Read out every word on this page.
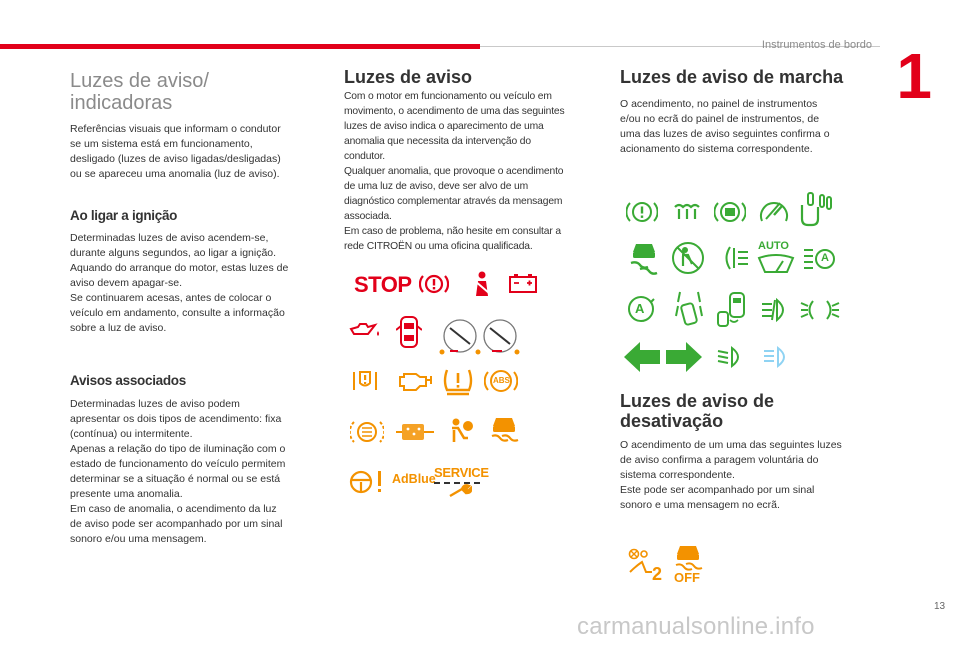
Instrumentos de bordo 1
Luzes de aviso/
indicadoras

Referências visuais que informam o condutor
se um sistema está em funcionamento,
desligado (luzes de aviso ligadas/desligadas)
ou se apareceu uma anomalia (luz de aviso).

Ao ligar a ignição

Determinadas luzes de aviso acendem-se,
durante alguns segundos, ao ligar a ignição.
Aquando do arranque do motor, estas luzes de
aviso devem apagar-se.
Se continuarem acesas, antes de colocar o
veículo em andamento, consulte a informação
sobre a luz de aviso.

Avisos associados

Determinadas luzes de aviso podem
apresentar os dois tipos de acendimento: fixa
(contínua) ou intermitente.
Apenas a relação do tipo de iluminação com o
estado de funcionamento do veículo permitem
determinar se a situação é normal ou se está
presente uma anomalia.
Em caso de anomalia, o acendimento da luz
de aviso pode ser acompanhado por um sinal
sonoro e/ou uma mensagem.

Luzes de aviso

Com o motor em funcionamento ou veículo em
movimento, o acendimento de uma das seguintes
luzes de aviso indica o aparecimento de uma
anomalia que necessita da intervenção do
condutor.
Qualquer anomalia, que provoque o acendimento
de uma luz de aviso, deve ser alvo de um
diagnóstico complementar através da mensagem
associada.
Em caso de problema, não hesite em consultar a
rede CITROËN ou uma oficina qualificada.

STOP
ABS
AdBlue
SERVICE
Luzes de aviso de marcha

O acendimento, no painel de instrumentos
e/ou no ecrã do painel de instrumentos, de
uma das luzes de aviso seguintes confirma o
acionamento do sistema correspondente.

AUTO
A
A
Luzes de aviso de
desativação

O acendimento de um uma das seguintes luzes
de aviso confirma a paragem voluntária do
sistema correspondente.
Este pode ser acompanhado por um sinal
sonoro e uma mensagem no ecrã.

2 OFF
13
carmanualsonline.info
